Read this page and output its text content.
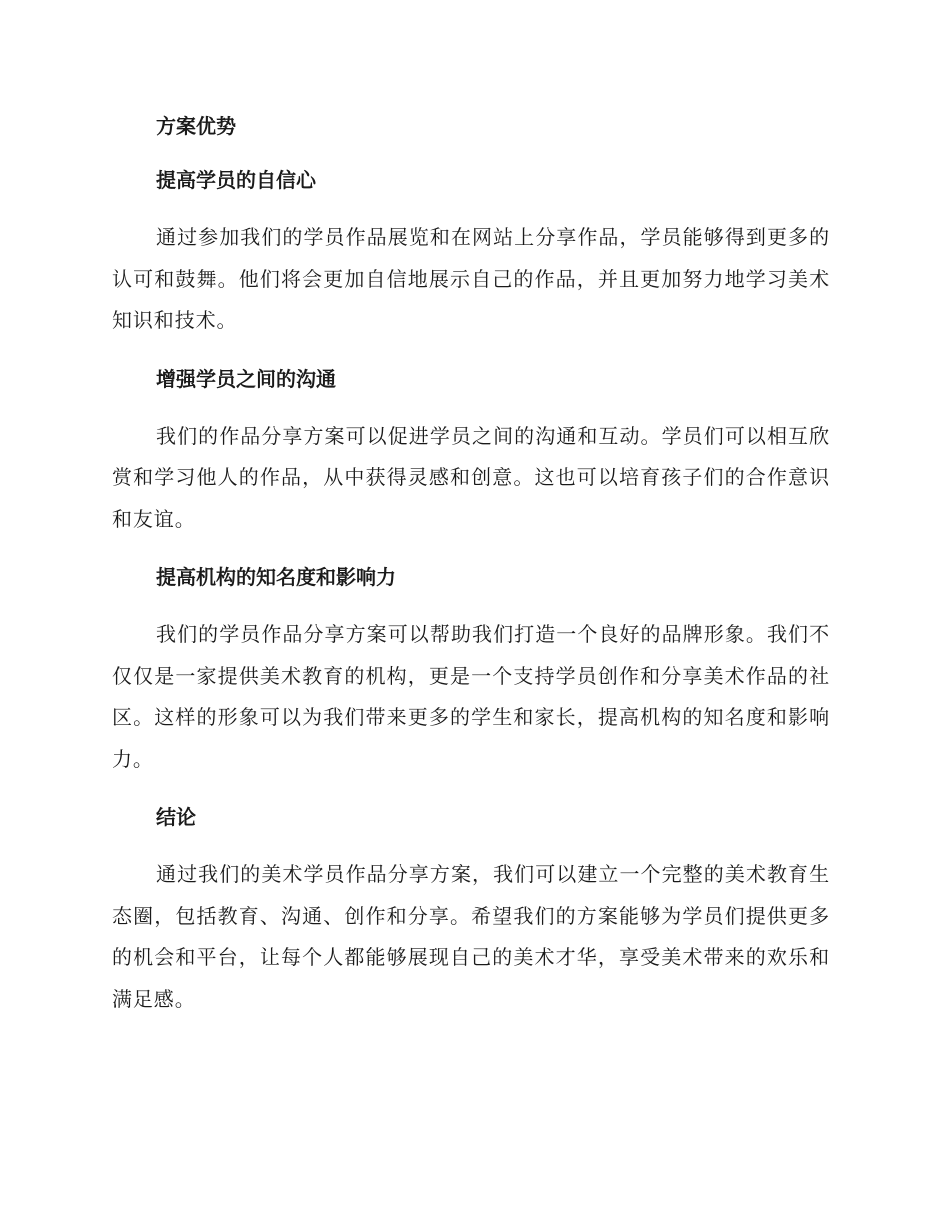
方案优势
提高学员的自信心

通过参加我们的学员作品展览和在网站上分享作品，学员能够得到更多的认可和鼓舞。他们将会更加自信地展示自己的作品，并且更加努力地学习美术知识和技术。

增强学员之间的沟通

我们的作品分享方案可以促进学员之间的沟通和互动。学员们可以相互欣赏和学习他人的作品，从中获得灵感和创意。这也可以培育孩子们的合作意识和友谊。

提高机构的知名度和影响力

我们的学员作品分享方案可以帮助我们打造一个良好的品牌形象。我们不仅仅是一家提供美术教育的机构，更是一个支持学员创作和分享美术作品的社区。这样的形象可以为我们带来更多的学生和家长，提高机构的知名度和影响力。

结论

通过我们的美术学员作品分享方案，我们可以建立一个完整的美术教育生态圈，包括教育、沟通、创作和分享。希望我们的方案能够为学员们提供更多的机会和平台，让每个人都能够展现自己的美术才华，享受美术带来的欢乐和满足感。
